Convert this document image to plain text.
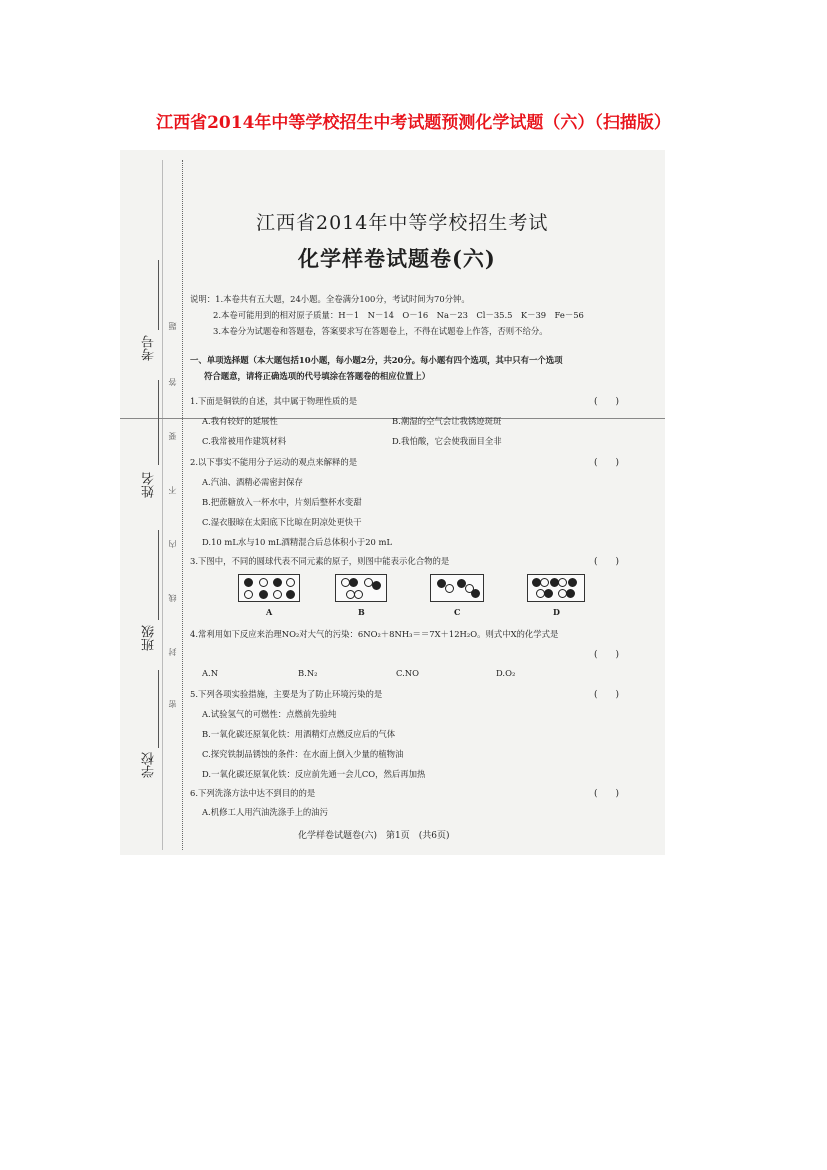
江西省2014年中等学校招生中考试题预测化学试题（六）（扫描版）
考号
姓名
班级
学校
题
答
要
不
内
线
封
密
江西省2014年中等学校招生考试
化学样卷试题卷(六)
说明：1.本卷共有五大题，24小题。全卷满分100分，考试时间为70分钟。
2.本卷可能用到的相对原子质量：H－1　N－14　O－16　Na－23　Cl－35.5　K－39　Fe－56
3.本卷分为试题卷和答题卷，答案要求写在答题卷上，不得在试题卷上作答，否则不给分。
一、单项选择题（本大题包括10小题，每小题2分，共20分。每小题有四个选项，其中只有一个选项
符合题意，请将正确选项的代号填涂在答题卷的相应位置上）
1.下面是铜铁的自述，其中属于物理性质的是	(　　)
A.我有较好的延展性	B.潮湿的空气会让我锈迹斑斑
C.我常被用作建筑材料	D.我怕酸，它会使我面目全非
2.以下事实不能用分子运动的观点来解释的是	(　　)
A.汽油、酒精必需密封保存
B.把蔗糖放入一杯水中，片刻后整杯水变甜
C.湿衣服晾在太阳底下比晾在阴凉处更快干
D.10 mL水与10 mL酒精混合后总体积小于20 mL
3.下图中，不同的圆球代表不同元素的原子，则图中能表示化合物的是	(　　)
A	B	C	D
4.常利用如下反应来治理NO₂对大气的污染：6NO₂＋8NH₃＝＝7X＋12H₂O。则式中X的化学式是
(　　)
A.N	B.N₂	C.NO	D.O₂
5.下列各项实验措施，主要是为了防止环境污染的是	(　　)
A.试验氢气的可燃性：点燃前先验纯
B.一氧化碳还原氧化铁：用酒精灯点燃反应后的气体
C.探究铁制品锈蚀的条件：在水面上倒入少量的植物油
D.一氧化碳还原氧化铁：反应前先通一会儿CO，然后再加热
6.下列洗涤方法中达不到目的的是	(　　)
A.机修工人用汽油洗涤手上的油污
化学样卷试题卷(六)　第1页　(共6页)
